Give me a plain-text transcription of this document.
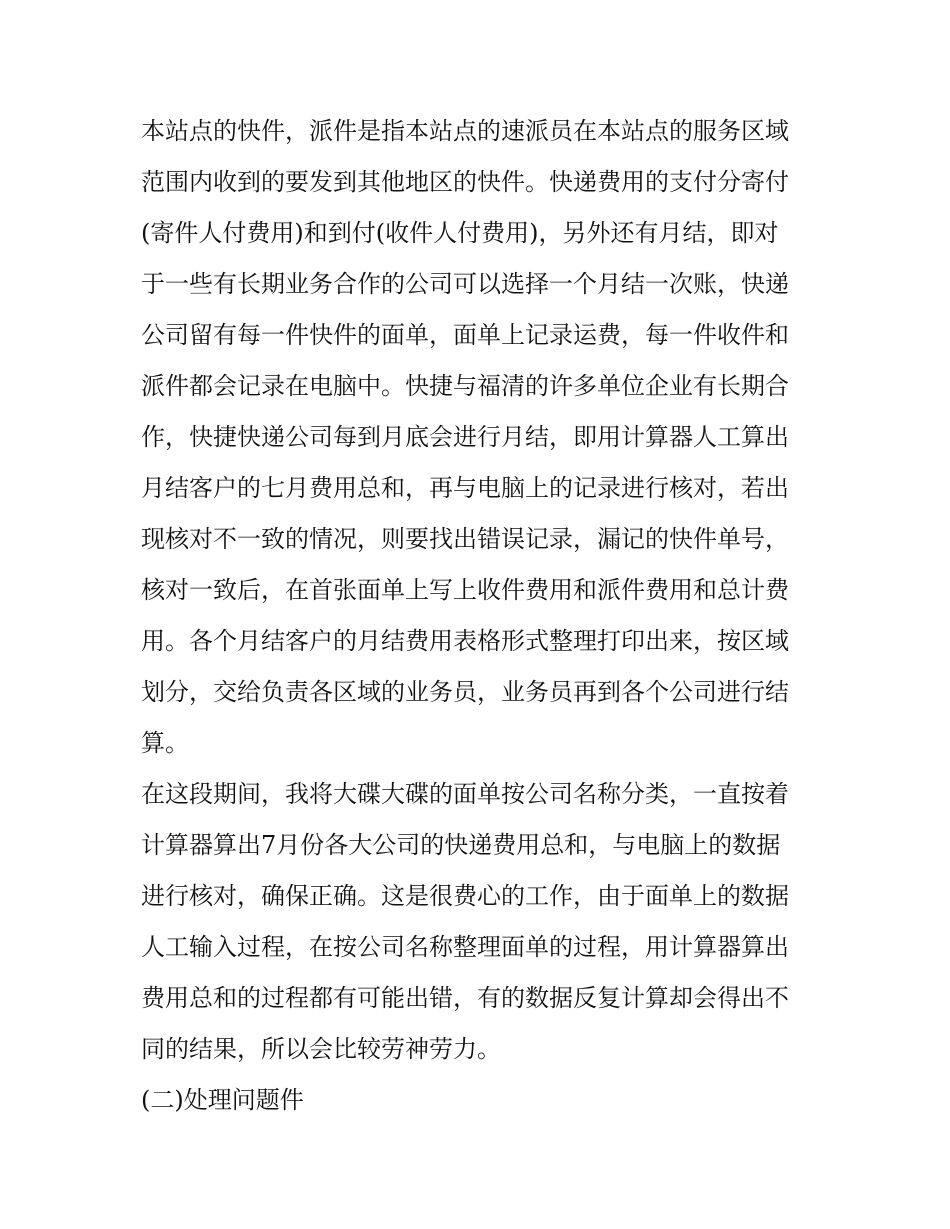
本站点的快件，派件是指本站点的速派员在本站点的服务区域
范围内收到的要发到其他地区的快件。快递费用的支付分寄付
(寄件人付费用)和到付(收件人付费用)，另外还有月结，即对
于一些有长期业务合作的公司可以选择一个月结一次账，快递
公司留有每一件快件的面单，面单上记录运费，每一件收件和
派件都会记录在电脑中。快捷与福清的许多单位企业有长期合
作，快捷快递公司每到月底会进行月结，即用计算器人工算出
月结客户的七月费用总和，再与电脑上的记录进行核对，若出
现核对不一致的情况，则要找出错误记录，漏记的快件单号，
核对一致后，在首张面单上写上收件费用和派件费用和总计费
用。各个月结客户的月结费用表格形式整理打印出来，按区域
划分，交给负责各区域的业务员，业务员再到各个公司进行结
算。
在这段期间，我将大碟大碟的面单按公司名称分类，一直按着
计算器算出7月份各大公司的快递费用总和，与电脑上的数据
进行核对，确保正确。这是很费心的工作，由于面单上的数据
人工输入过程，在按公司名称整理面单的过程，用计算器算出
费用总和的过程都有可能出错，有的数据反复计算却会得出不
同的结果，所以会比较劳神劳力。
(二)处理问题件
